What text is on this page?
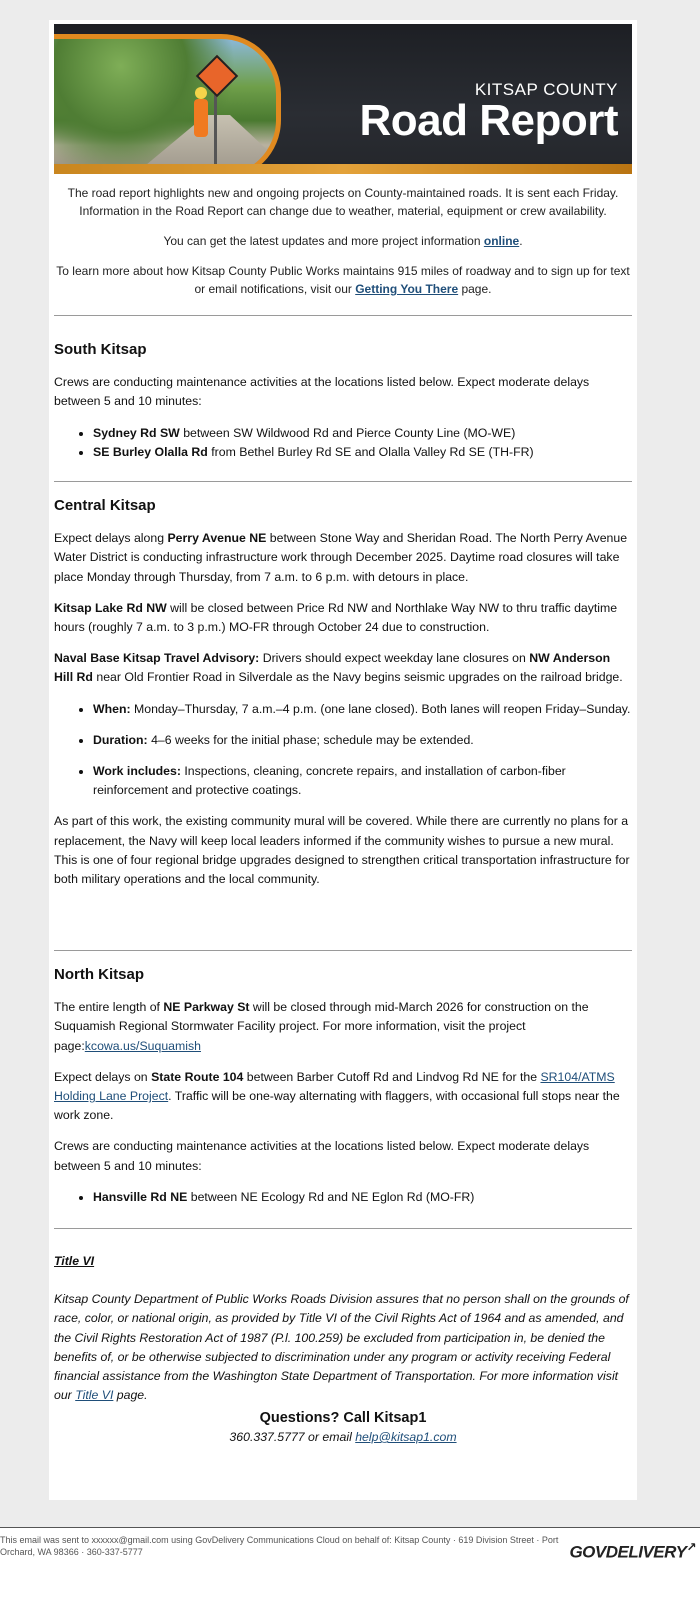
KITSAP COUNTY
Road Report

The road report highlights new and ongoing projects on County-maintained roads. It is sent each Friday. Information in the Road Report can change due to weather, material, equipment or crew availability.

You can get the latest updates and more project information online.

To learn more about how Kitsap County Public Works maintains 915 miles of roadway and to sign up for text or email notifications, visit our Getting You There page.

South Kitsap

Crews are conducting maintenance activities at the locations listed below. Expect moderate delays between 5 and 10 minutes:

• Sydney Rd SW between SW Wildwood Rd and Pierce County Line (MO-WE)
• SE Burley Olalla Rd from Bethel Burley Rd SE and Olalla Valley Rd SE (TH-FR)
Central Kitsap

Expect delays along Perry Avenue NE between Stone Way and Sheridan Road. The North Perry Avenue Water District is conducting infrastructure work through December 2025. Daytime road closures will take place Monday through Thursday, from 7 a.m. to 6 p.m. with detours in place.

Kitsap Lake Rd NW will be closed between Price Rd NW and Northlake Way NW to thru traffic daytime hours (roughly 7 a.m. to 3 p.m.) MO-FR through October 24 due to construction.

Naval Base Kitsap Travel Advisory: Drivers should expect weekday lane closures on NW Anderson Hill Rd near Old Frontier Road in Silverdale as the Navy begins seismic upgrades on the railroad bridge.

• When: Monday–Thursday, 7 a.m.–4 p.m. (one lane closed). Both lanes will reopen Friday–Sunday.
• Duration: 4–6 weeks for the initial phase; schedule may be extended.
• Work includes: Inspections, cleaning, concrete repairs, and installation of carbon-fiber reinforcement and protective coatings.

As part of this work, the existing community mural will be covered. While there are currently no plans for a replacement, the Navy will keep local leaders informed if the community wishes to pursue a new mural. This is one of four regional bridge upgrades designed to strengthen critical transportation infrastructure for both military operations and the local community.

North Kitsap

The entire length of NE Parkway St will be closed through mid-March 2026 for construction on the Suquamish Regional Stormwater Facility project. For more information, visit the project page:kcowa.us/Suquamish

Expect delays on State Route 104 between Barber Cutoff Rd and Lindvog Rd NE for the SR104/ATMS Holding Lane Project. Traffic will be one-way alternating with flaggers, with occasional full stops near the work zone.

Crews are conducting maintenance activities at the locations listed below. Expect moderate delays between 5 and 10 minutes:

• Hansville Rd NE between NE Ecology Rd and NE Eglon Rd (MO-FR)
Title VI
Kitsap County Department of Public Works Roads Division assures that no person shall on the grounds of race, color, or national origin, as provided by Title VI of the Civil Rights Act of 1964 and as amended, and the Civil Rights Restoration Act of 1987 (P.l. 100.259) be excluded from participation in, be denied the benefits of, or be otherwise subjected to discrimination under any program or activity receiving Federal financial assistance from the Washington State Department of Transportation. For more information visit our Title VI page.
Questions? Call Kitsap1
360.337.5777 or email help@kitsap1.com
This email was sent to xxxxxx@gmail.com using GovDelivery Communications Cloud on behalf of: Kitsap County · 619 Division Street · Port Orchard, WA 98366 · 360-337-5777	GOVDELIVERY↗
